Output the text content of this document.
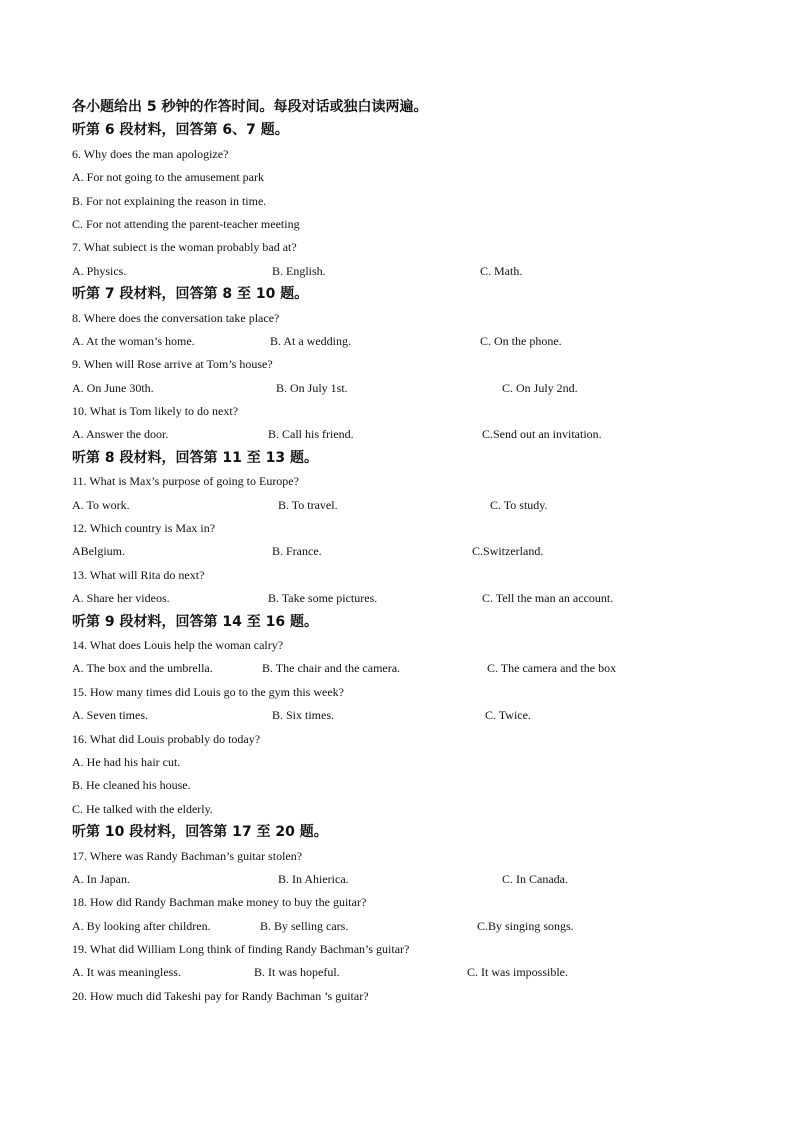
各小题给出 5 秒钟的作答时间。每段对话或独白读两遍。
听第 6 段材料，回答第 6、7 题。
6. Why does the man apologize?
A. For not going to the amusement park
B. For not explaining the reason in time.
C. For not attending the parent-teacher meeting
7. What subiect is the woman probably bad at?
A. Physics.	B. English.	C. Math.
听第 7 段材料，回答第 8 至 10 题。
8. Where does the conversation take place?
A. At the woman’s home.	B. At a wedding.	C. On the phone.
9. When will Rose arrive at Tom’s house?
A. On June 30th.	B. On July 1st.	C. On July 2nd.
10. What is Tom likely to do next?
A. Answer the door.	B. Call his friend.	C.Send out an invitation.
听第 8 段材料，回答第 11 至 13 题。
11. What is Max’s purpose of going to Europe?
A. To work.	B. To travel.	C. To study.
12. Which country is Max in?
ABelgium.	B. France.	C.Switzerland.
13. What will Rita do next?
A. Share her videos.	B. Take some pictures.	C. Tell the man an account.
听第 9 段材料，回答第 14 至 16 题。
14. What does Louis help the woman calry?
A. The box and the umbrella.	B. The chair and the camera.	C. The camera and the box
15. How many times did Louis go to the gym this week?
A. Seven times.	B. Six times.	C. Twice.
16. What did Louis probably do today?
A. He had his hair cut.
B. He cleaned his house.
C. He talked with the elderly.
听第 10 段材料，回答第 17 至 20 题。
17. Where was Randy Bachman’s guitar stolen?
A. In Japan.	B. In Ahierica.	C. In Canada.
18. How did Randy Bachman make money to buy the guitar?
A. By looking after children.	B. By selling cars.	C.By singing songs.
19. What did William Long think of finding Randy Bachman’s guitar?
A. It was meaningless.	B. It was hopeful.	C. It was impossible.
20. How much did Takeshi pay for Randy Bachman ’s guitar?
